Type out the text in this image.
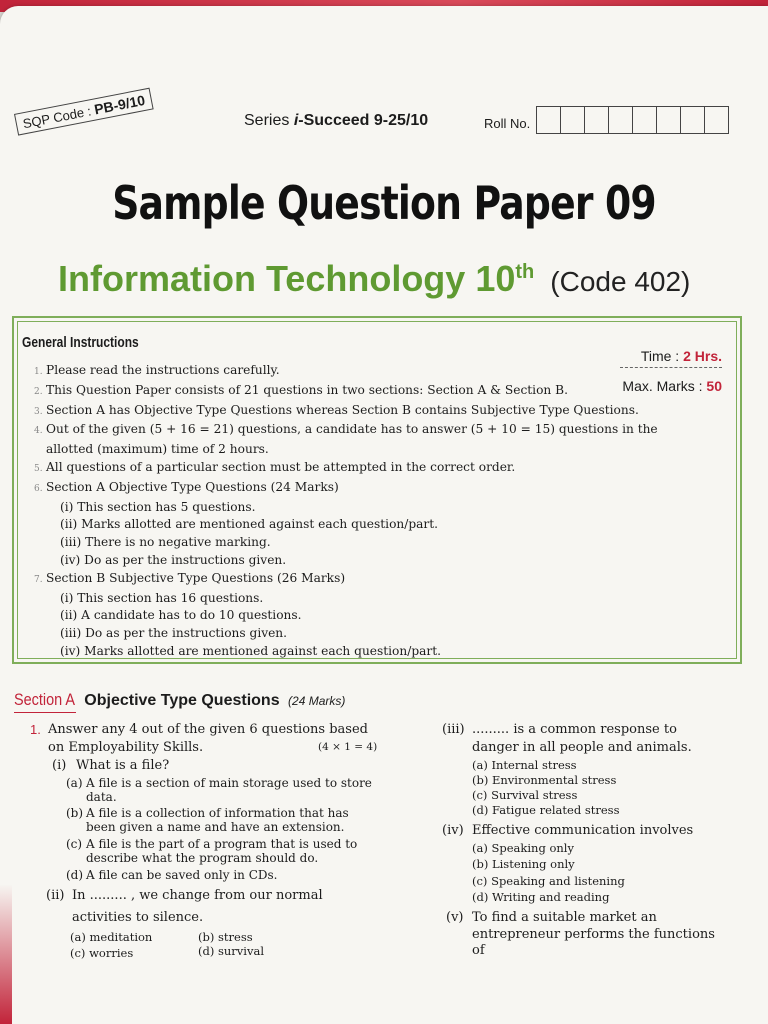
SQP Code : PB-9/10
Series i-Succeed 9-25/10	Roll No.
Sample Question Paper 09
Information Technology 10th (Code 402)
General Instructions
Time : 2 Hrs.
Max. Marks : 50
1. Please read the instructions carefully.
2. This Question Paper consists of 21 questions in two sections: Section A & Section B.
3. Section A has Objective Type Questions whereas Section B contains Subjective Type Questions.
4. Out of the given (5 + 16 = 21) questions, a candidate has to answer (5 + 10 = 15) questions in the
allotted (maximum) time of 2 hours.
5. All questions of a particular section must be attempted in the correct order.
6. Section A Objective Type Questions (24 Marks)
(i) This section has 5 questions.
(ii) Marks allotted are mentioned against each question/part.
(iii) There is no negative marking.
(iv) Do as per the instructions given.
7. Section B Subjective Type Questions (26 Marks)
(i) This section has 16 questions.
(ii) A candidate has to do 10 questions.
(iii) Do as per the instructions given.
(iv) Marks allotted are mentioned against each question/part.
Section A Objective Type Questions (24 Marks)
1. Answer any 4 out of the given 6 questions based
on Employability Skills.	(4 × 1 = 4)
(i) What is a file?
(a) A file is a section of main storage used to store data.
(b) A file is a collection of information that has been given a name and have an extension.
(c) A file is the part of a program that is used to describe what the program should do.
(d) A file can be saved only in CDs.
(ii) In ......... , we change from our normal
activities to silence.
(a) meditation	(b) stress
(c) worries	(d) survival
(iii) ......... is a common response to
danger in all people and animals.
(a) Internal stress
(b) Environmental stress
(c) Survival stress
(d) Fatigue related stress
(iv) Effective communication involves
(a) Speaking only
(b) Listening only
(c) Speaking and listening
(d) Writing and reading
(v) To find a suitable market an
entrepreneur performs the functions
of
